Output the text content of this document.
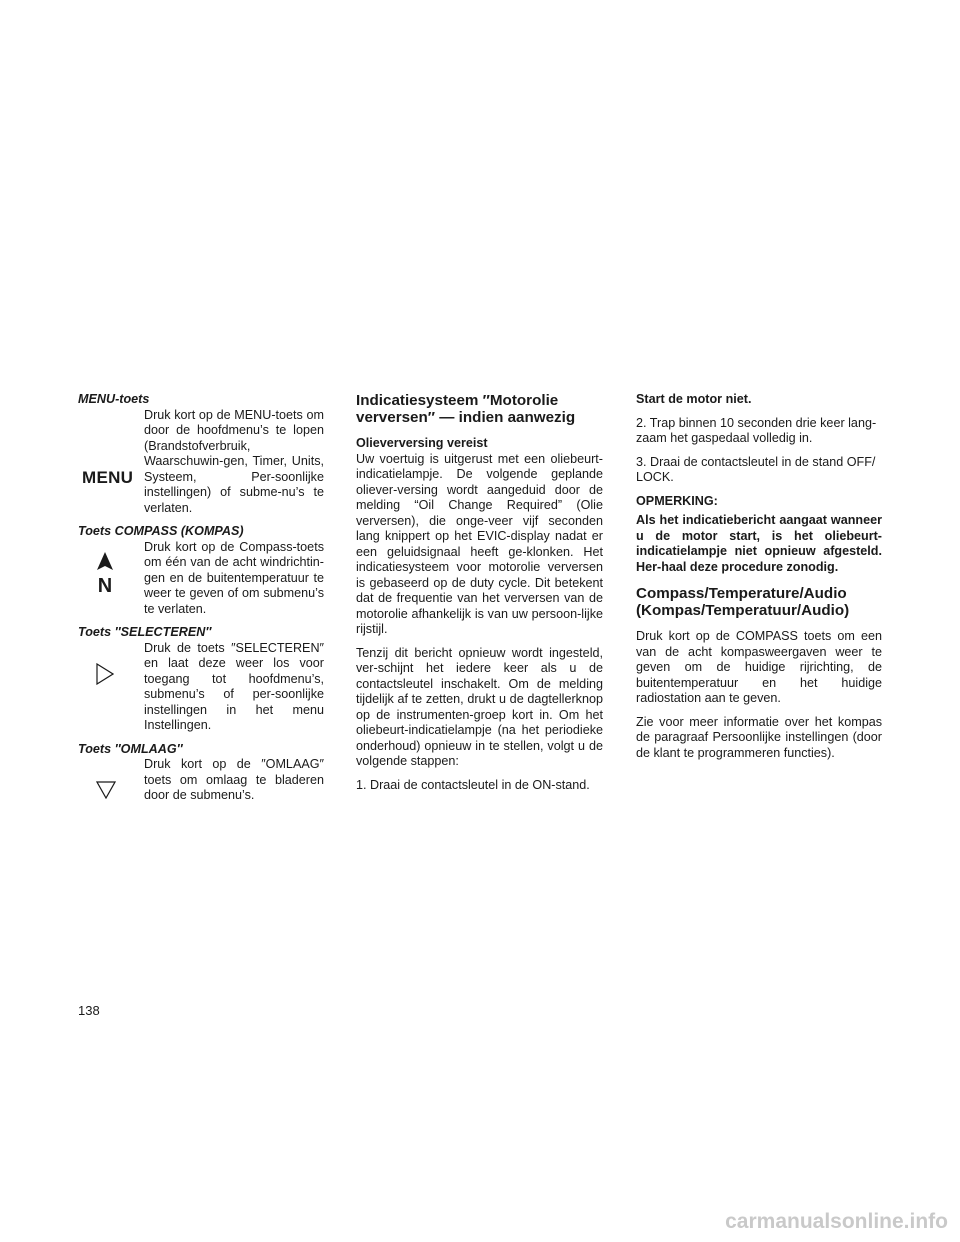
MENU-toets
MENU
Druk kort op de MENU-toets om door de hoofdmenu’s te lopen (Brandstofverbruik, Waarschuwin-gen, Timer, Units, Systeem, Per-soonlijke instellingen) of subme-nu’s te verlaten.
Toets COMPASS (KOMPAS)
N
Druk kort op de Compass-toets om één van de acht windrichtin-gen en de buitentemperatuur te weer te geven of om submenu’s te verlaten.
Toets ″SELECTEREN″
Druk de toets ″SELECTEREN″ en laat deze weer los voor toegang tot hoofdmenu’s, submenu’s of per-soonlijke instellingen in het menu Instellingen.
Toets ″OMLAAG″
Druk kort op de ″OMLAAG″ toets om omlaag te bladeren door de submenu’s.
Indicatiesysteem ″Motorolie verversen″ — indien aanwezig
Olieverversing vereist

Uw voertuig is uitgerust met een oliebeurt-indicatielampje. De volgende geplande oliever-versing wordt aangeduid door de melding “Oil Change Required” (Olie verversen), die onge-veer vijf seconden lang knippert op het EVIC-display nadat er een geluidsignaal heeft ge-klonken. Het indicatiesysteem voor motorolie verversen is gebaseerd op de duty cycle. Dit betekent dat de frequentie van het verversen van de motorolie afhankelijk is van uw persoon-lijke rijstijl.

Tenzij dit bericht opnieuw wordt ingesteld, ver-schijnt het iedere keer als u de contactsleutel inschakelt. Om de melding tijdelijk af te zetten, drukt u de dagtellerknop op de instrumenten-groep kort in. Om het oliebeurt-indicatielampje (na het periodieke onderhoud) opnieuw in te stellen, volgt u de volgende stappen:

1. Draai de contactsleutel in de ON-stand.

Start de motor niet.

2. Trap binnen 10 seconden drie keer lang-zaam het gaspedaal volledig in.

3. Draai de contactsleutel in de stand OFF/ LOCK.

OPMERKING:

Als het indicatiebericht aangaat wanneer u de motor start, is het oliebeurt-indicatielampje niet opnieuw afgesteld. Her-haal deze procedure zonodig.

Compass/Temperature/Audio (Kompas/Temperatuur/Audio)

Druk kort op de COMPASS toets om een van de acht kompasweergaven weer te geven om de huidige rijrichting, de buitentemperatuur en het huidige radiostation aan te geven.

Zie voor meer informatie over het kompas de paragraaf Persoonlijke instellingen (door de klant te programmeren functies).

138
carmanualsonline.info
